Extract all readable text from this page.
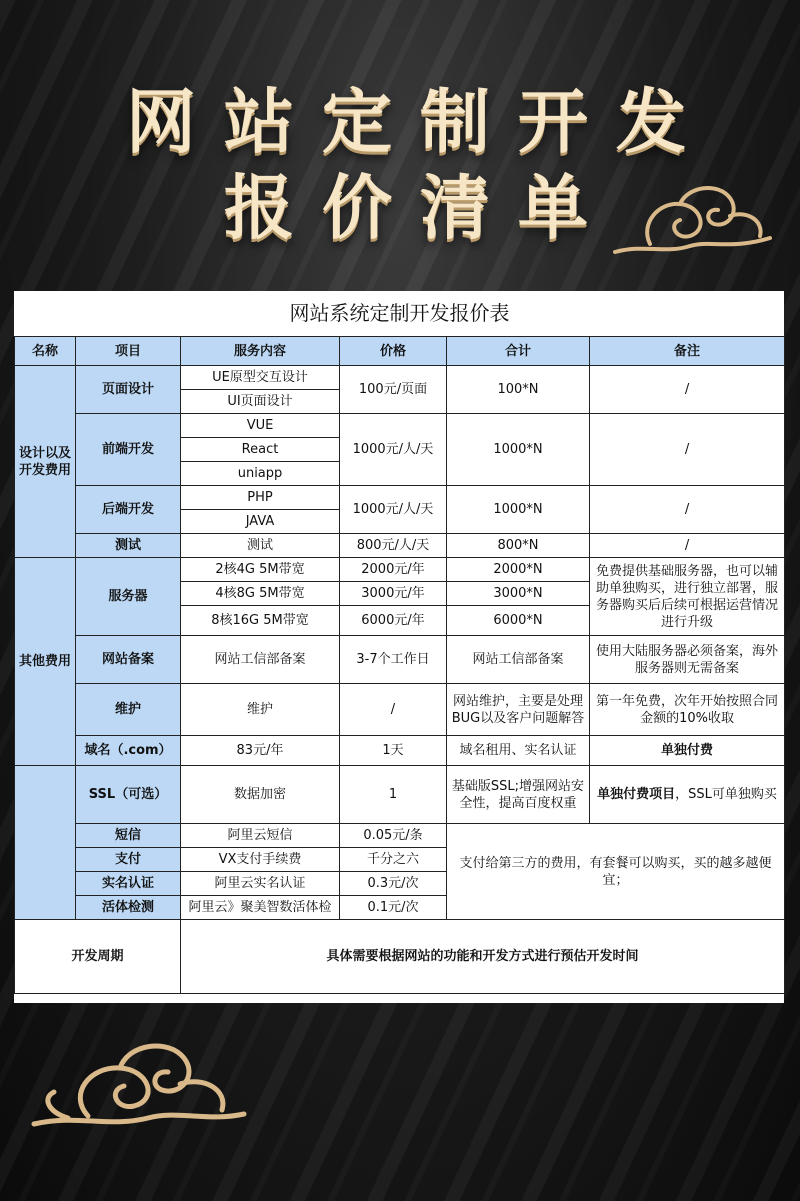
网站定制开发
报价清单
网站系统定制开发报价表					
名称	项目	服务内容	价格	合计	备注
设计以及开发费用	页面设计	UE原型交互设计	100元/页面	100*N	/
		UI页面设计			
	前端开发	VUE	1000元/人/天	1000*N	/
		React			
		uniapp			
	后端开发	PHP	1000元/人/天	1000*N	/
		JAVA			
	测试	测试	800元/人/天	800*N	/
其他费用	服务器	2核4G 5M带宽	2000元/年	2000*N	免费提供基础服务器，也可以辅助单独购买，进行独立部署，服务器购买后后续可根据运营情况进行升级
		4核8G 5M带宽	3000元/年	3000*N	
		8核16G 5M带宽	6000元/年	6000*N	
	网站备案	网站工信部备案	3-7个工作日	网站工信部备案	使用大陆服务器必须备案，海外服务器则无需备案
	维护	维护	/	网站维护，主要是处理BUG以及客户问题解答	第一年免费，次年开始按照合同金额的10%收取
	域名（.com）	83元/年	1天	域名租用、实名认证	单独付费
	SSL（可选）	数据加密	1	基础版SSL;增强网站安全性，提高百度权重	单独付费项目，SSL可单独购买
	短信	阿里云短信	0.05元/条	支付给第三方的费用，有套餐可以购买，买的越多越便宜；	
	支付	VX支付手续费	千分之六		
	实名认证	阿里云实名认证	0.3元/次		
	活体检测	阿里云》聚美智数活体检	0.1元/次		
开发周期		具体需要根据网站的功能和开发方式进行预估开发时间			
